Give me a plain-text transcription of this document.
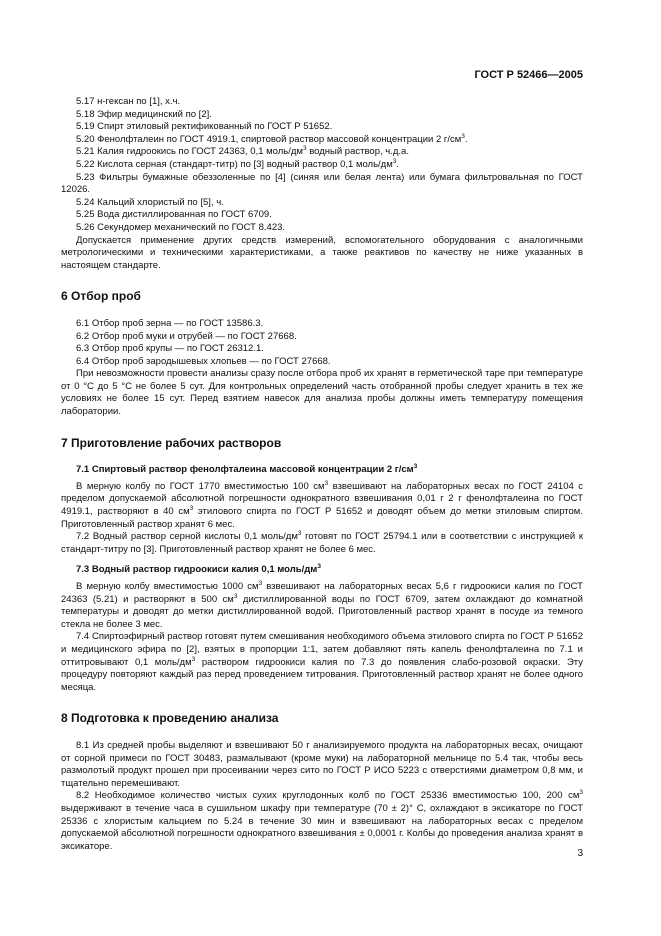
ГОСТ Р 52466—2005

5.17 н-гексан по [1], х.ч.

5.18 Эфир медицинский по [2].

5.19 Спирт этиловый ректификованный по ГОСТ Р 51652.

5.20 Фенолфталеин по ГОСТ 4919.1, спиртовой раствор массовой концентрации 2 $г/см^3$.

5.21 Калия гидроокись по ГОСТ 24363, 0,1 моль/$дм^3$ водный раствор, ч.д.а.

5.22 Кислота серная (стандарт-титр) по [3] водный раствор 0,1 моль/$дм^3$.

5.23 Фильтры бумажные обеззоленные по [4] (синяя или белая лента) или бумага фильтровальная по ГОСТ 12026.

5.24 Кальций хлористый по [5], ч.

5.25 Вода дистиллированная по ГОСТ 6709.

5.26 Секундомер механический по ГОСТ 8.423.

Допускается применение других средств измерений, вспомогательного оборудования с аналогичными метрологическими и техническими характеристиками, а также реактивов по качеству не ниже указанных в настоящем стандарте.

6 Отбор проб

6.1 Отбор проб зерна — по ГОСТ 13586.3.

6.2 Отбор проб муки и отрубей — по ГОСТ 27668.

6.3 Отбор проб крупы — по ГОСТ 26312.1.

6.4 Отбор проб зародышевых хлопьев — по ГОСТ 27668.

При невозможности провести анализы сразу после отбора проб их хранят в герметической таре при температуре от 0 °С до 5 °С не более 5 сут. Для контрольных определений часть отобранной пробы следует хранить в тех же условиях не более 15 сут. Перед взятием навесок для анализа пробы должны иметь температуру помещения лаборатории.

7 Приготовление рабочих растворов

7.1 Спиртовый раствор фенолфталеина массовой концентрации 2 $г/см^3$

В мерную колбу по ГОСТ 1770 вместимостью 100 $см^3$ взвешивают на лабораторных весах по ГОСТ 24104 с пределом допускаемой абсолютной погрешности однократного взвешивания 0,01 г 2 г фенолфталеина по ГОСТ 4919.1, растворяют в 40 $см^3$ этилового спирта по ГОСТ Р 51652 и доводят объем до метки этиловым спиртом. Приготовленный раствор хранят 6 мес.

7.2 Водный раствор серной кислоты 0,1 моль/$дм^3$ готовят по ГОСТ 25794.1 или в соответствии с инструкцией к стандарт-титру по [3]. Приготовленный раствор хранят не более 6 мес.

7.3 Водный раствор гидроокиси калия 0,1 моль/$дм^3$

В мерную колбу вместимостью 1000 $см^3$ взвешивают на лабораторных весах 5,6 г гидроокиси калия по ГОСТ 24363 (5.21) и растворяют в 500 $см^3$ дистиллированной воды по ГОСТ 6709, затем охлаждают до комнатной температуры и доводят до метки дистиллированной водой. Приготовленный раствор хранят в посуде из темного стекла не более 3 мес.

7.4 Спиртоэфирный раствор готовят путем смешивания необходимого объема этилового спирта по ГОСТ Р 51652 и медицинского эфира по [2], взятых в пропорции 1:1, затем добавляют пять капель фенолфталеина по 7.1 и оттитровывают 0,1 моль/$дм^3$ раствором гидроокиси калия по 7.3 до появления слабо-розовой окраски. Эту процедуру повторяют каждый раз перед проведением титрования. Приготовленный раствор хранят не более одного месяца.

8 Подготовка к проведению анализа

8.1 Из средней пробы выделяют и взвешивают 50 г анализируемого продукта на лабораторных весах, очищают от сорной примеси по ГОСТ 30483, размалывают (кроме муки) на лабораторной мельнице по 5.4 так, чтобы весь размолотый продукт прошел при просеивании через сито по ГОСТ Р ИСО 5223 с отверстиями диаметром 0,8 мм, и тщательно перемешивают.

8.2 Необходимое количество чистых сухих круглодонных колб по ГОСТ 25336 вместимостью 100, 200 $см^3$ выдерживают в течение часа в сушильном шкафу при температуре (70 ± 2)° С, охлаждают в эксикаторе по ГОСТ 25336 с хлористым кальцием по 5.24 в течение 30 мин и взвешивают на лабораторных весах с пределом допускаемой абсолютной погрешности однократного взвешивания ± 0,0001 г. Колбы до проведения анализа хранят в эксикаторе.

3
